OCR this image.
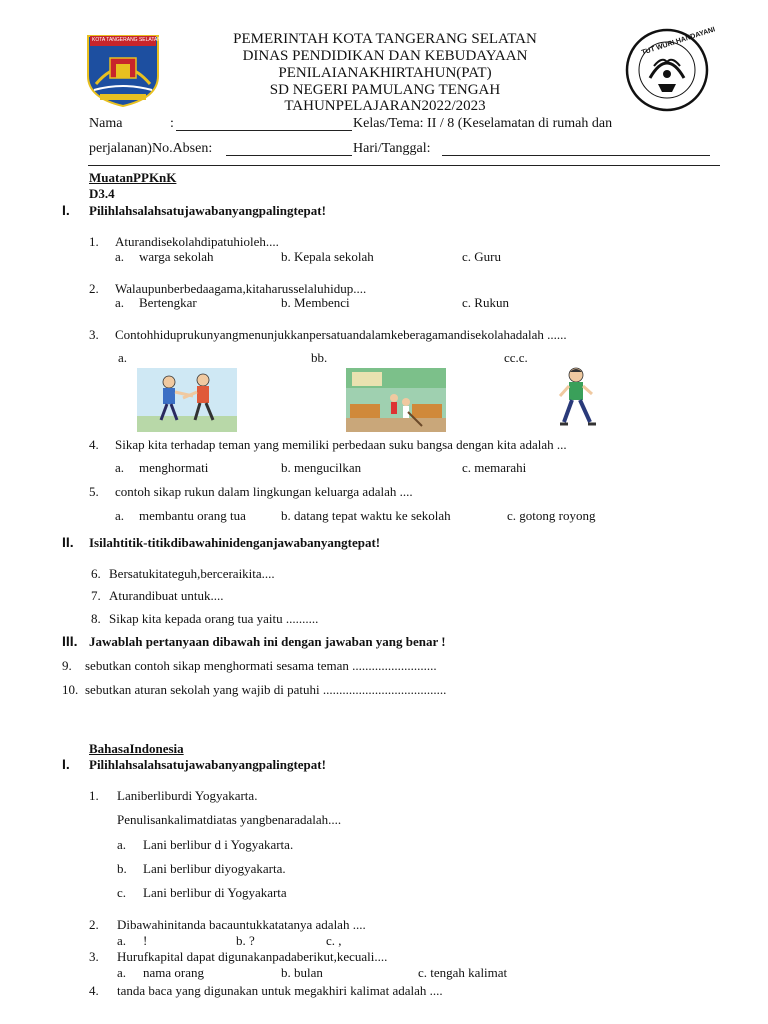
KOTA TANGERANG SELATAN	PEMERINTAH KOTA TANGERANG SELATAN
DINAS PENDIDIKAN DAN KEBUDAYAAN
PENILAIANAKHIRTAHUN(PAT)
SD NEGERI PAMULANG TENGAH
TAHUNPELAJARAN2022/2023
TUT WURI HANDAYANI
Nama	:	Kelas/Tema: II / 8 (Keselamatan di rumah dan
perjalanan)No.Absen:	Hari/Tanggal:
MuatanPPKnK
D3.4
I. Pilihlahsalahsatujawabanyangpalingtepat!
1. Aturandisekolahdipatuhioleh....
a. warga sekolah	b. Kepala sekolah	c. Guru
2. Walaupunberbedaagama,kitaharusselaluhidup....
a. Bertengkar	b. Membenci	c. Rukun
3. Contohhiduprukunyangmenunjukkanpersatuandalamkeberagamandisekolahadalah ......
a.	bb.	cc.c.
4. Sikap kita terhadap teman yang memiliki perbedaan suku bangsa dengan kita adalah ...
a. menghormati	b. mengucilkan	c. memarahi
5. contoh sikap rukun dalam lingkungan keluarga adalah ....
a. membantu orang tua	b. datang tepat waktu ke sekolah	c. gotong royong
II. Isilahtitik-titikdibawahinidenganjawabanyangtepat!
6. Bersatukitateguh,berceraikita....
7. Aturandibuat untuk....
8. Sikap kita kepada orang tua yaitu ..........
III. Jawablah pertanyaan dibawah ini dengan jawaban yang benar !
9. sebutkan contoh sikap menghormati sesama teman ..........................
10. sebutkan aturan sekolah yang wajib di patuhi ......................................
BahasaIndonesia
I. Pilihlahsalahsatujawabanyangpalingtepat!
1. Laniberliburdi Yogyakarta.
Penulisankalimatdiatas yangbenaradalah....
a. Lani berlibur d i Yogyakarta.
b. Lani berlibur diyogyakarta.
c. Lani berlibur di Yogyakarta
2. Dibawahinitanda bacauntukkatatanya adalah ....
a. !	b. ?	c. ,
3. Hurufkapital dapat digunakanpadaberikut,kecuali....
a. nama orang	b. bulan	c. tengah kalimat
4. tanda baca yang digunakan untuk megakhiri kalimat adalah ....
